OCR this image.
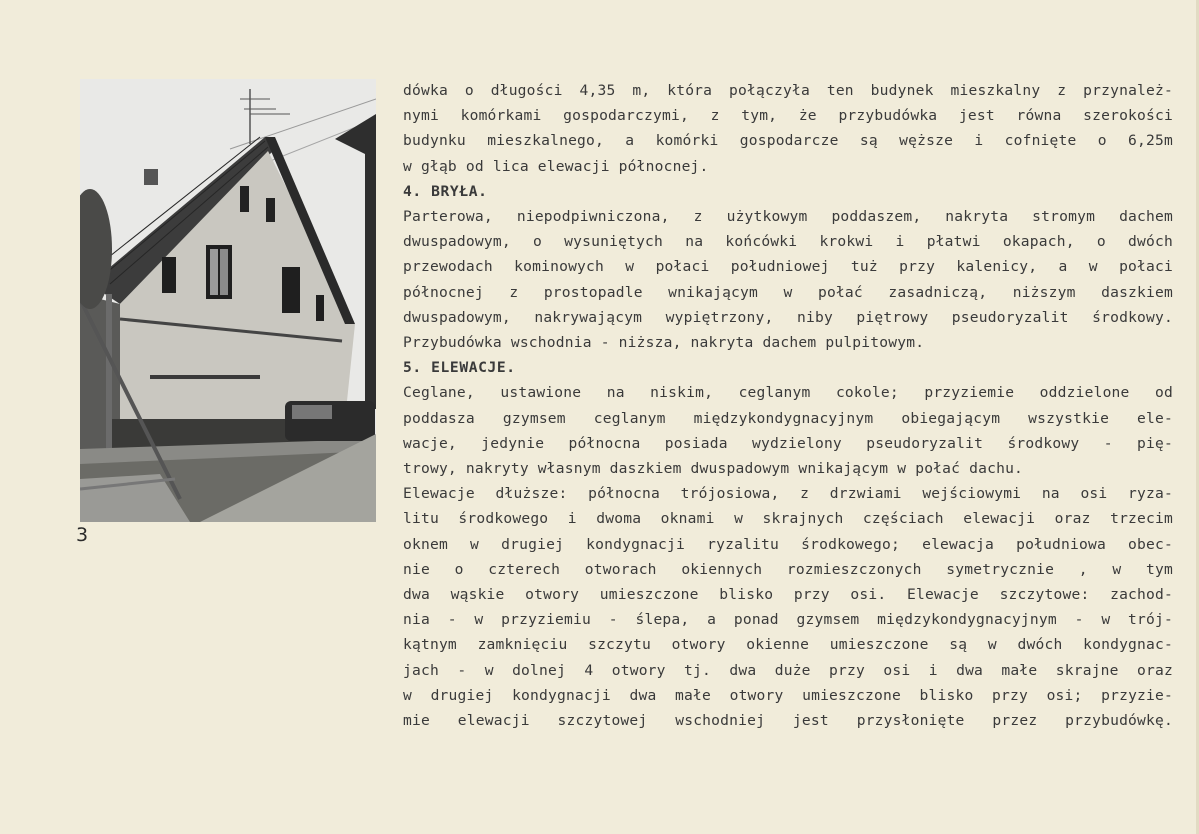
3
dówka o długości 4,35 m, która połączyła ten budynek mieszkalny z przynależ-
nymi komórkami gospodarczymi, z tym, że przybudówka jest równa szerokości
budynku mieszkalnego, a komórki gospodarcze są węższe i cofnięte o 6,25m
w głąb od lica elewacji północnej.
4. BRYŁA.
Parterowa, niepodpiwniczona, z użytkowym poddaszem, nakryta stromym dachem
dwuspadowym, o wysuniętych na końcówki krokwi i płatwi okapach, o dwóch
przewodach kominowych w połaci południowej tuż przy kalenicy, a w połaci
północnej z prostopadle wnikającym w połać zasadniczą, niższym daszkiem
dwuspadowym, nakrywającym wypiętrzony, niby piętrowy pseudoryzalit środkowy.
Przybudówka wschodnia - niższa, nakryta dachem pulpitowym.
5. ELEWACJE.
Ceglane, ustawione na niskim, ceglanym cokole; przyziemie oddzielone od
poddasza gzymsem ceglanym międzykondygnacyjnym obiegającym wszystkie ele-
wacje, jedynie północna posiada wydzielony pseudoryzalit środkowy - pię-
trowy, nakryty własnym daszkiem dwuspadowym wnikającym w połać dachu.
Elewacje dłuższe: północna trójosiowa, z drzwiami wejściowymi na osi ryza-
litu środkowego i dwoma oknami w skrajnych częściach elewacji oraz trzecim
oknem w drugiej kondygnacji ryzalitu środkowego; elewacja południowa obec-
nie o czterech otworach okiennych rozmieszczonych symetrycznie , w tym
dwa wąskie otwory umieszczone blisko przy osi. Elewacje szczytowe: zachod-
nia - w przyziemiu - ślepa, a ponad gzymsem międzykondygnacyjnym - w trój-
kątnym zamknięciu szczytu otwory okienne umieszczone są w dwóch kondygnac-
jach - w dolnej 4 otwory tj. dwa duże przy osi i dwa małe skrajne oraz
w drugiej kondygnacji dwa małe otwory umieszczone blisko przy osi; przyzie-
mie elewacji szczytowej wschodniej jest przysłonięte przez przybudówkę.
